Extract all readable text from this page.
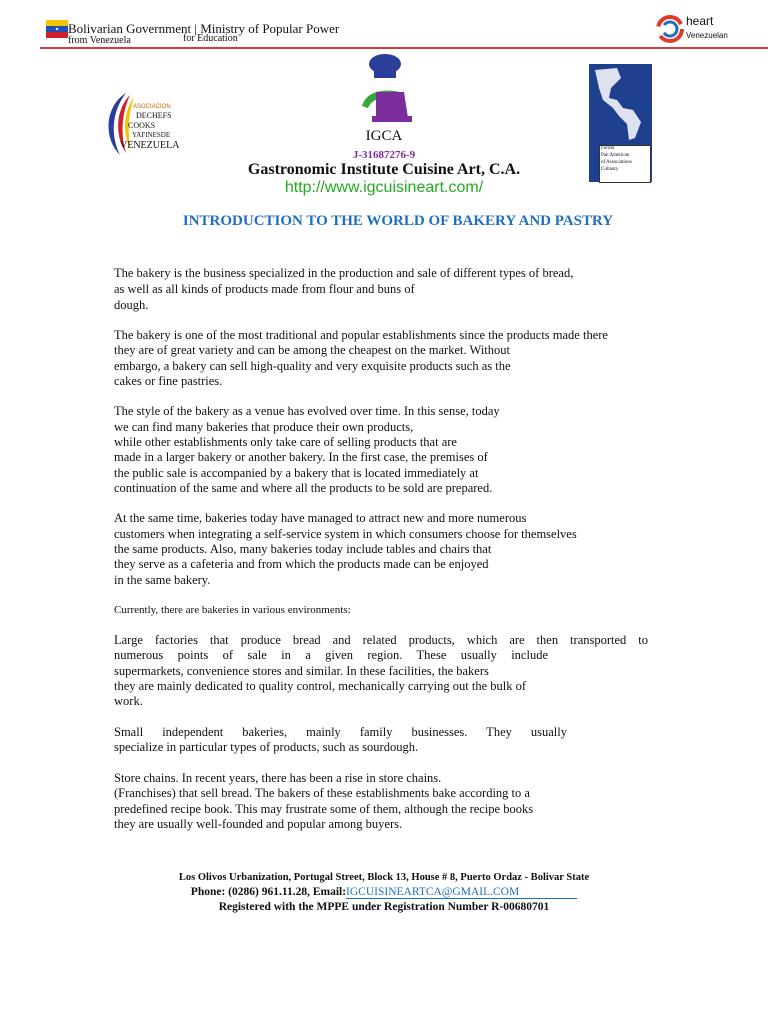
Bolivarian Government | Ministry of Popular Power
from Venezuela	for Education
heart
Venezuelan
ASOCIACION
DECHEFS
COOKS
YAFINESDE
VENEZUELA
IGCA
J-31687276-9
Gastronomic Institute Cuisine Art, C.A.
http://www.igcuisineart.com/
Forum
Pan American
of Associations
Culinary
INTRODUCTION TO THE WORLD OF BAKERY AND PASTRY
The bakery is the business specialized in the production and sale of different types of bread,
as well as all kinds of products made from flour and buns of
dough.
The bakery is one of the most traditional and popular establishments since the products made there
they are of great variety and can be among the cheapest on the market. Without
embargo, a bakery can sell high-quality and very exquisite products such as the
cakes or fine pastries.
The style of the bakery as a venue has evolved over time. In this sense, today
we can find many bakeries that produce their own products,
while other establishments only take care of selling products that are
made in a larger bakery or another bakery. In the first case, the premises of
the public sale is accompanied by a bakery that is located immediately at
continuation of the same and where all the products to be sold are prepared.
At the same time, bakeries today have managed to attract new and more numerous
customers when integrating a self-service system in which consumers choose for themselves
the same products. Also, many bakeries today include tables and chairs that
they serve as a cafeteria and from which the products made can be enjoyed
in the same bakery.
Currently, there are bakeries in various environments:
Large factories that produce bread and related products, which are then transported to
numerous points of sale in a given region. These usually include
supermarkets, convenience stores and similar. In these facilities, the bakers
they are mainly dedicated to quality control, mechanically carrying out the bulk of
work.
Small independent bakeries, mainly family businesses. They usually
specialize in particular types of products, such as sourdough.
Store chains. In recent years, there has been a rise in store chains.
(Franchises) that sell bread. The bakers of these establishments bake according to a
predefined recipe book. This may frustrate some of them, although the recipe books
they are usually well-founded and popular among buyers.
Los Olivos Urbanization, Portugal Street, Block 13, House # 8, Puerto Ordaz - Bolivar State
Phone: (0286) 961.11.28, Email:IGCUISINEARTCA@GMAIL.COM
Registered with the MPPE under Registration Number R-00680701
